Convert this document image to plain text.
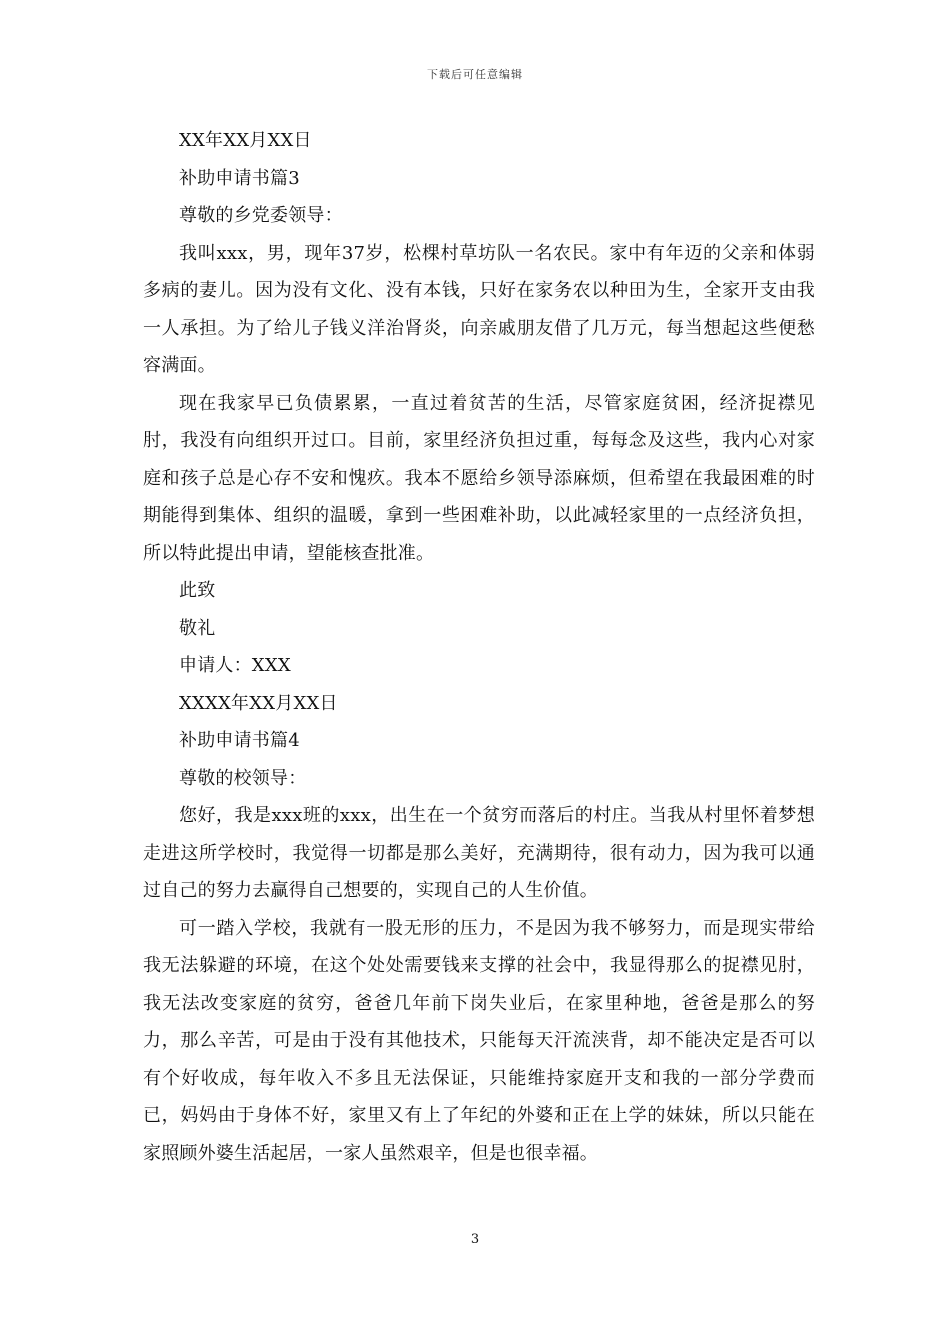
下载后可任意编辑

XX年XX月XX日

补助申请书篇3

尊敬的乡党委领导：

我叫xxx，男，现年37岁，松棵村草坊队一名农民。家中有年迈的父亲和体弱多病的妻儿。因为没有文化、没有本钱，只好在家务农以种田为生，全家开支由我一人承担。为了给儿子钱义洋治肾炎，向亲戚朋友借了几万元，每当想起这些便愁容满面。

现在我家早已负债累累，一直过着贫苦的生活，尽管家庭贫困，经济捉襟见肘，我没有向组织开过口。目前，家里经济负担过重，每每念及这些，我内心对家庭和孩子总是心存不安和愧疚。我本不愿给乡领导添麻烦，但希望在我最困难的时期能得到集体、组织的温暖，拿到一些困难补助，以此减轻家里的一点经济负担，所以特此提出申请，望能核查批准。

此致

敬礼

申请人：XXX

XXXX年XX月XX日

补助申请书篇4

尊敬的校领导：

您好，我是xxx班的xxx，出生在一个贫穷而落后的村庄。当我从村里怀着梦想走进这所学校时，我觉得一切都是那么美好，充满期待，很有动力，因为我可以通过自己的努力去赢得自己想要的，实现自己的人生价值。

可一踏入学校，我就有一股无形的压力，不是因为我不够努力，而是现实带给我无法躲避的环境，在这个处处需要钱来支撑的社会中，我显得那么的捉襟见肘，我无法改变家庭的贫穷，爸爸几年前下岗失业后，在家里种地，爸爸是那么的努力，那么辛苦，可是由于没有其他技术，只能每天汗流浃背，却不能决定是否可以有个好收成，每年收入不多且无法保证，只能维持家庭开支和我的一部分学费而已，妈妈由于身体不好，家里又有上了年纪的外婆和正在上学的妹妹，所以只能在家照顾外婆生活起居，一家人虽然艰辛，但是也很幸福。

3
